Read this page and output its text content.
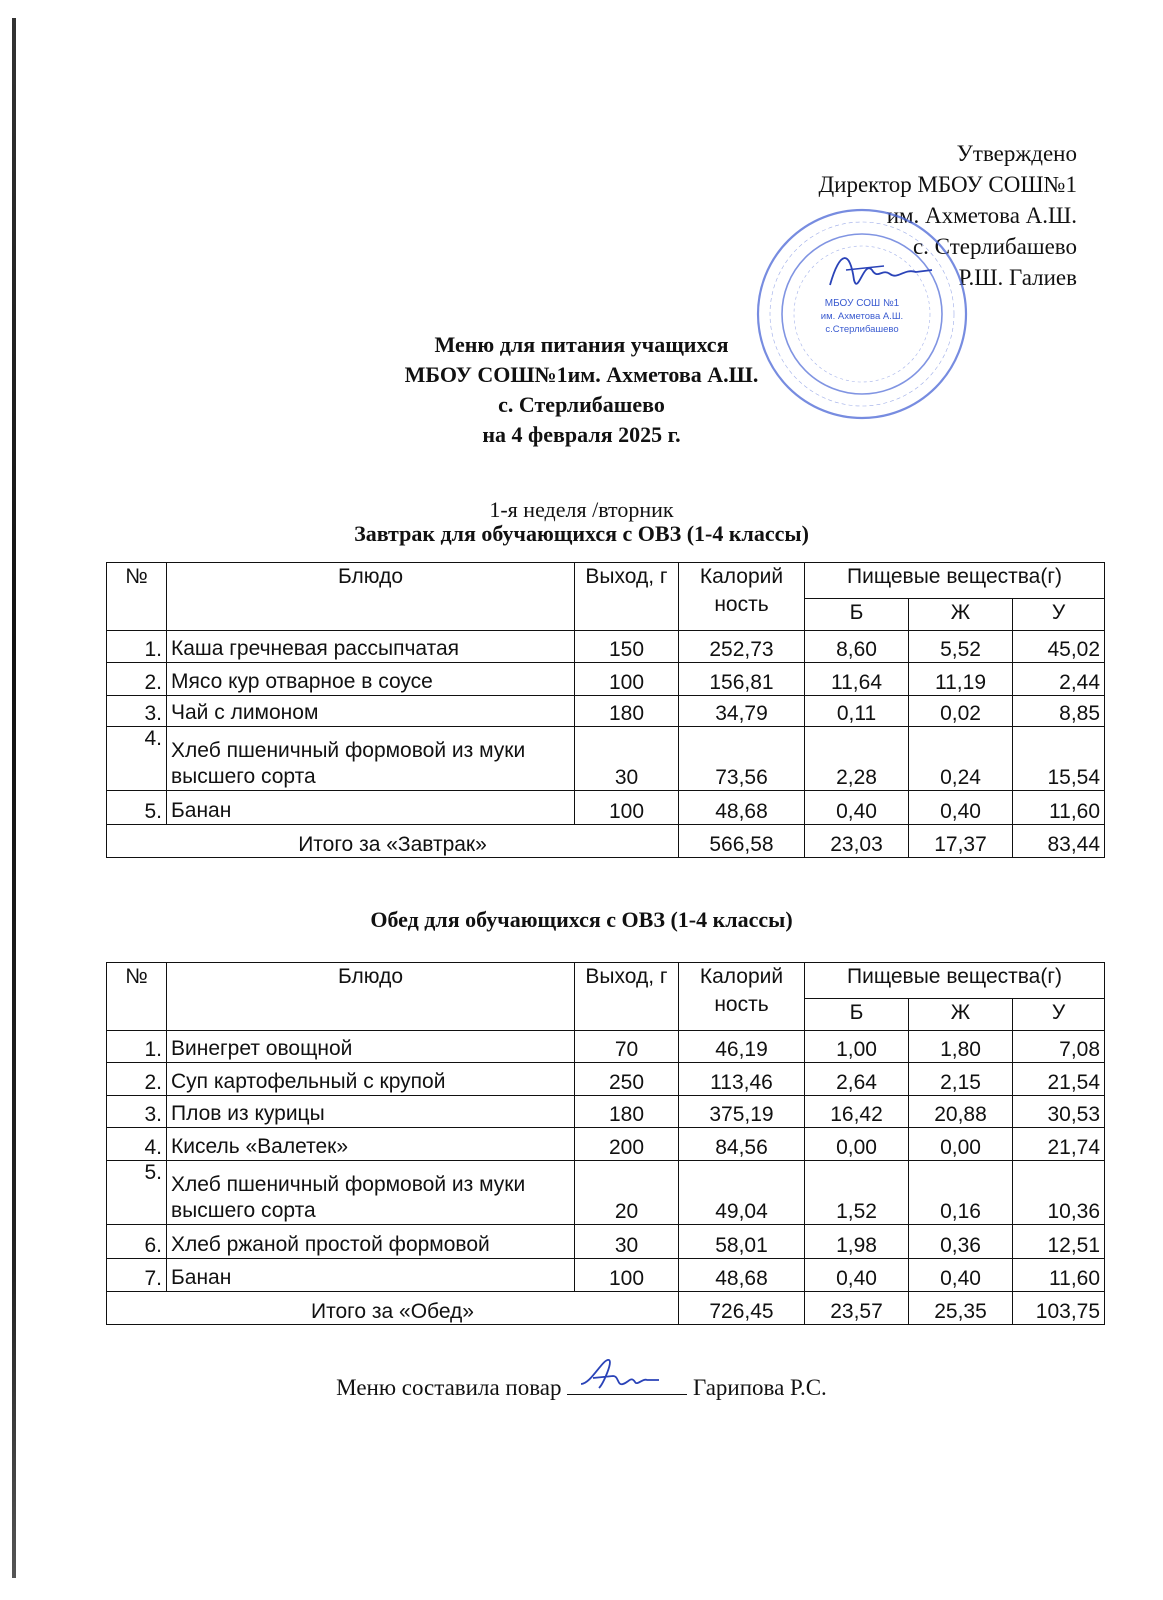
Утверждено
Директор МБОУ СОШ№1
им. Ахметова А.Ш.
с. Стерлибашево
Р.Ш. Галиев
МБОУ СОШ №1
им. Ахметова А.Ш.
с.Стерлибашево
Меню для питания учащихся
МБОУ СОШ№1им. Ахметова А.Ш.
с. Стерлибашево
на 4 февраля 2025 г.
1-я неделя /вторник
Завтрак для обучающихся с ОВЗ (1-4 классы)
№	Блюдо	Выход, г	Калорий ность	Пищевые вещества(г)		
				Б	Ж	У
1.	Каша гречневая рассыпчатая	150	252,73	8,60	5,52	45,02
2.	Мясо кур отварное в соусе	100	156,81	11,64	11,19	2,44
3.	Чай с лимоном	180	34,79	0,11	0,02	8,85
4.	Хлеб пшеничный формовой из муки высшего сорта	30	73,56	2,28	0,24	15,54
5.	Банан	100	48,68	0,40	0,40	11,60
Итого за «Завтрак»			566,58	23,03	17,37	83,44
Обед для обучающихся с ОВЗ (1-4 классы)
№	Блюдо	Выход, г	Калорий ность	Пищевые вещества(г)		
				Б	Ж	У
1.	Винегрет овощной	70	46,19	1,00	1,80	7,08
2.	Суп картофельный с крупой	250	113,46	2,64	2,15	21,54
3.	Плов из курицы	180	375,19	16,42	20,88	30,53
4.	Кисель «Валетек»	200	84,56	0,00	0,00	21,74
5.	Хлеб пшеничный формовой из муки высшего сорта	20	49,04	1,52	0,16	10,36
6.	Хлеб ржаной простой формовой	30	58,01	1,98	0,36	12,51
7.	Банан	100	48,68	0,40	0,40	11,60
Итого за «Обед»			726,45	23,57	25,35	103,75
Меню составила повар	Гарипова Р.С.
